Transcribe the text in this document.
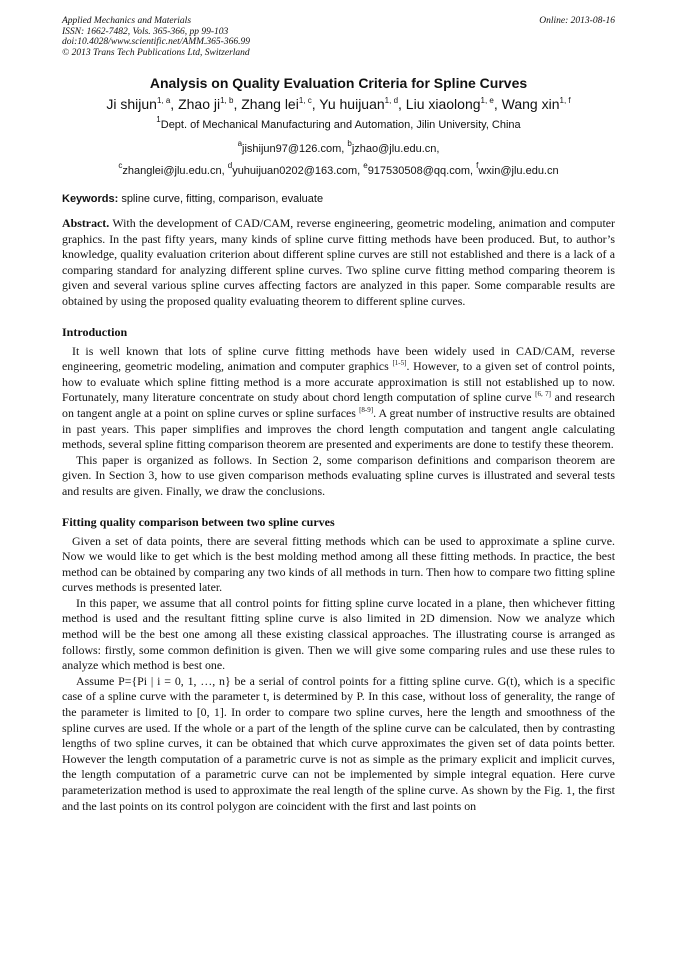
Applied Mechanics and Materials
ISSN: 1662-7482, Vols. 365-366, pp 99-103
doi:10.4028/www.scientific.net/AMM.365-366.99
© 2013 Trans Tech Publications Ltd, Switzerland
Online: 2013-08-16
Analysis on Quality Evaluation Criteria for Spline Curves
Ji shijun$^{1, a}$, Zhao ji$^{1, b}$, Zhang lei$^{1, c}$, Yu huijuan$^{1, d}$, Liu xiaolong$^{1, e}$, Wang xin$^{1, f}$
$^1$Dept. of Mechanical Manufacturing and Automation, Jilin University, China
$^a$jishijun97@126.com, $^b$jzhao@jlu.edu.cn,
$^c$zhanglei@jlu.edu.cn, $^d$yuhuijuan0202@163.com, $^e$917530508@qq.com, $^f$wxin@jlu.edu.cn
Keywords: spline curve, fitting, comparison, evaluate
Abstract. With the development of CAD/CAM, reverse engineering, geometric modeling, animation and computer graphics. In the past fifty years, many kinds of spline curve fitting methods have been produced. But, to author’s knowledge, quality evaluation criterion about different spline curves are still not established and there is a lack of a comparing standard for analyzing different spline curves. Two spline curve fitting method comparing theorem is given and several various spline curves affecting factors are analyzed in this paper. Some comparable results are obtained by using the proposed quality evaluating theorem to different spline curves.
Introduction

It is well known that lots of spline curve fitting methods have been widely used in CAD/CAM, reverse engineering, geometric modeling, animation and computer graphics [1-5]. However, to a given set of control points, how to evaluate which spline fitting method is a more accurate approximation is still not established up to now. Fortunately, many literature concentrate on study about chord length computation of spline curve [6, 7] and research on tangent angle at a point on spline curves or spline surfaces [8-9]. A great number of instructive results are obtained in past years. This paper simplifies and improves the chord length computation and tangent angle calculating methods, several spline fitting comparison theorem are presented and experiments are done to testify these theorem.

This paper is organized as follows. In Section 2, some comparison definitions and comparison theorem are given. In Section 3, how to use given comparison methods evaluating spline curves is illustrated and several tests and results are given. Finally, we draw the conclusions.

Fitting quality comparison between two spline curves

Given a set of data points, there are several fitting methods which can be used to approximate a spline curve. Now we would like to get which is the best molding method among all these fitting methods. In practice, the best method can be obtained by comparing any two kinds of all methods in turn. Then how to compare two fitting spline curves methods is presented later.

In this paper, we assume that all control points for fitting spline curve located in a plane, then whichever fitting method is used and the resultant fitting spline curve is also limited in 2D dimension. Now we analyze which method will be the best one among all these existing classical approaches. The illustrating course is arranged as follows: firstly, some common definition is given. Then we will give some comparing rules and use these rules to analyze which method is best one.

Assume P={Pi | i = 0, 1, …, n} be a serial of control points for a fitting spline curve. G(t), which is a specific case of a spline curve with the parameter t, is determined by P. In this case, without loss of generality, the range of the parameter is limited to [0, 1]. In order to compare two spline curves, here the length and smoothness of the spline curves are used. If the whole or a part of the length of the spline curve can be calculated, then by contrasting lengths of two spline curves, it can be obtained that which curve approximates the given set of data points better. However the length computation of a parametric curve is not as simple as the primary explicit and implicit curves, the length computation of a parametric curve can not be implemented by simple integral equation. Here curve parameterization method is used to approximate the real length of the spline curve. As shown by the Fig. 1, the first and the last points on its control polygon are coincident with the first and last points on
